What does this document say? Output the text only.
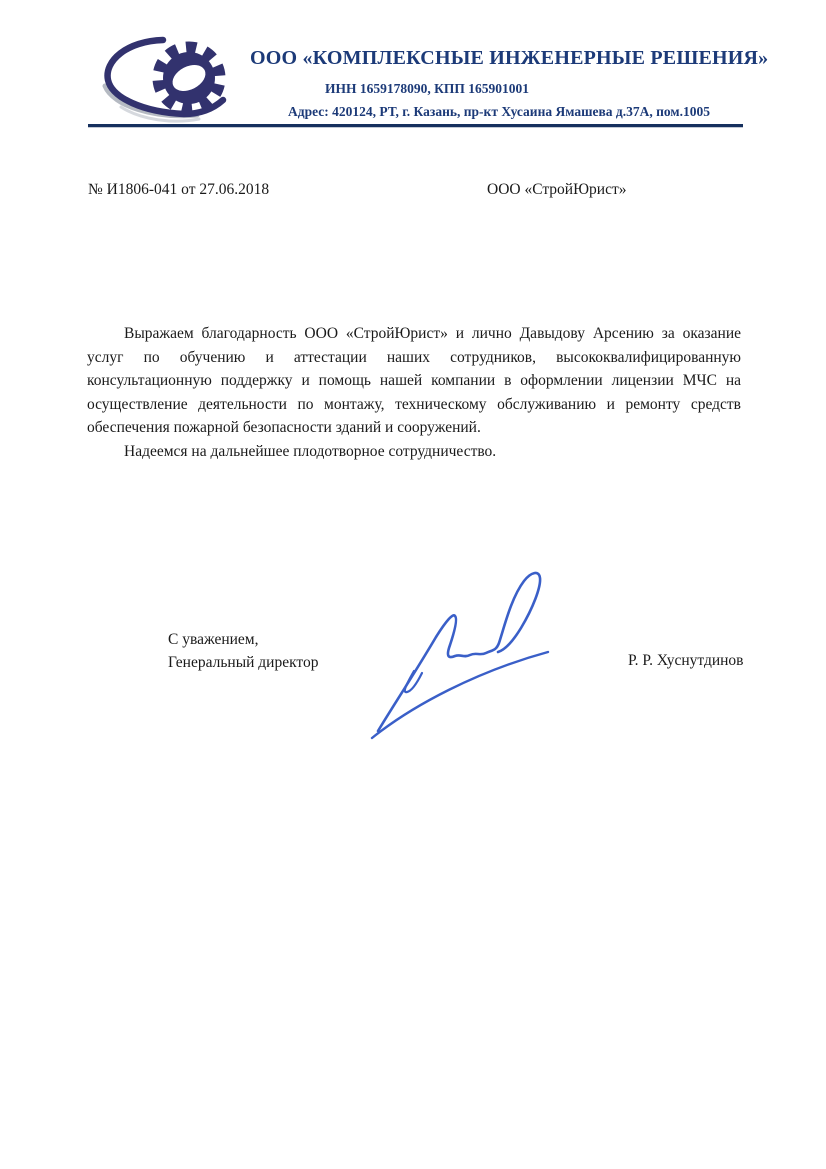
ООО «КОМПЛЕКСНЫЕ ИНЖЕНЕРНЫЕ РЕШЕНИЯ»
ИНН 1659178090, КПП 165901001
Адрес: 420124, РТ, г. Казань, пр-кт Хусаина Ямашева д.37А, пом.1005
№ И1806-041 от 27.06.2018	ООО «СтройЮрист»

Выражаем благодарность ООО «СтройЮрист» и лично Давыдову Арсению за оказание услуг по обучению и аттестации наших сотрудников, высококвалифицированную консультационную поддержку и помощь нашей компании в оформлении лицензии МЧС на осуществление деятельности по монтажу, техническому обслуживанию и ремонту средств обеспечения пожарной безопасности зданий и сооружений.

Надеемся на дальнейшее плодотворное сотрудничество.

С уважением,
Генеральный директор	Р. Р. Хуснутдинов
